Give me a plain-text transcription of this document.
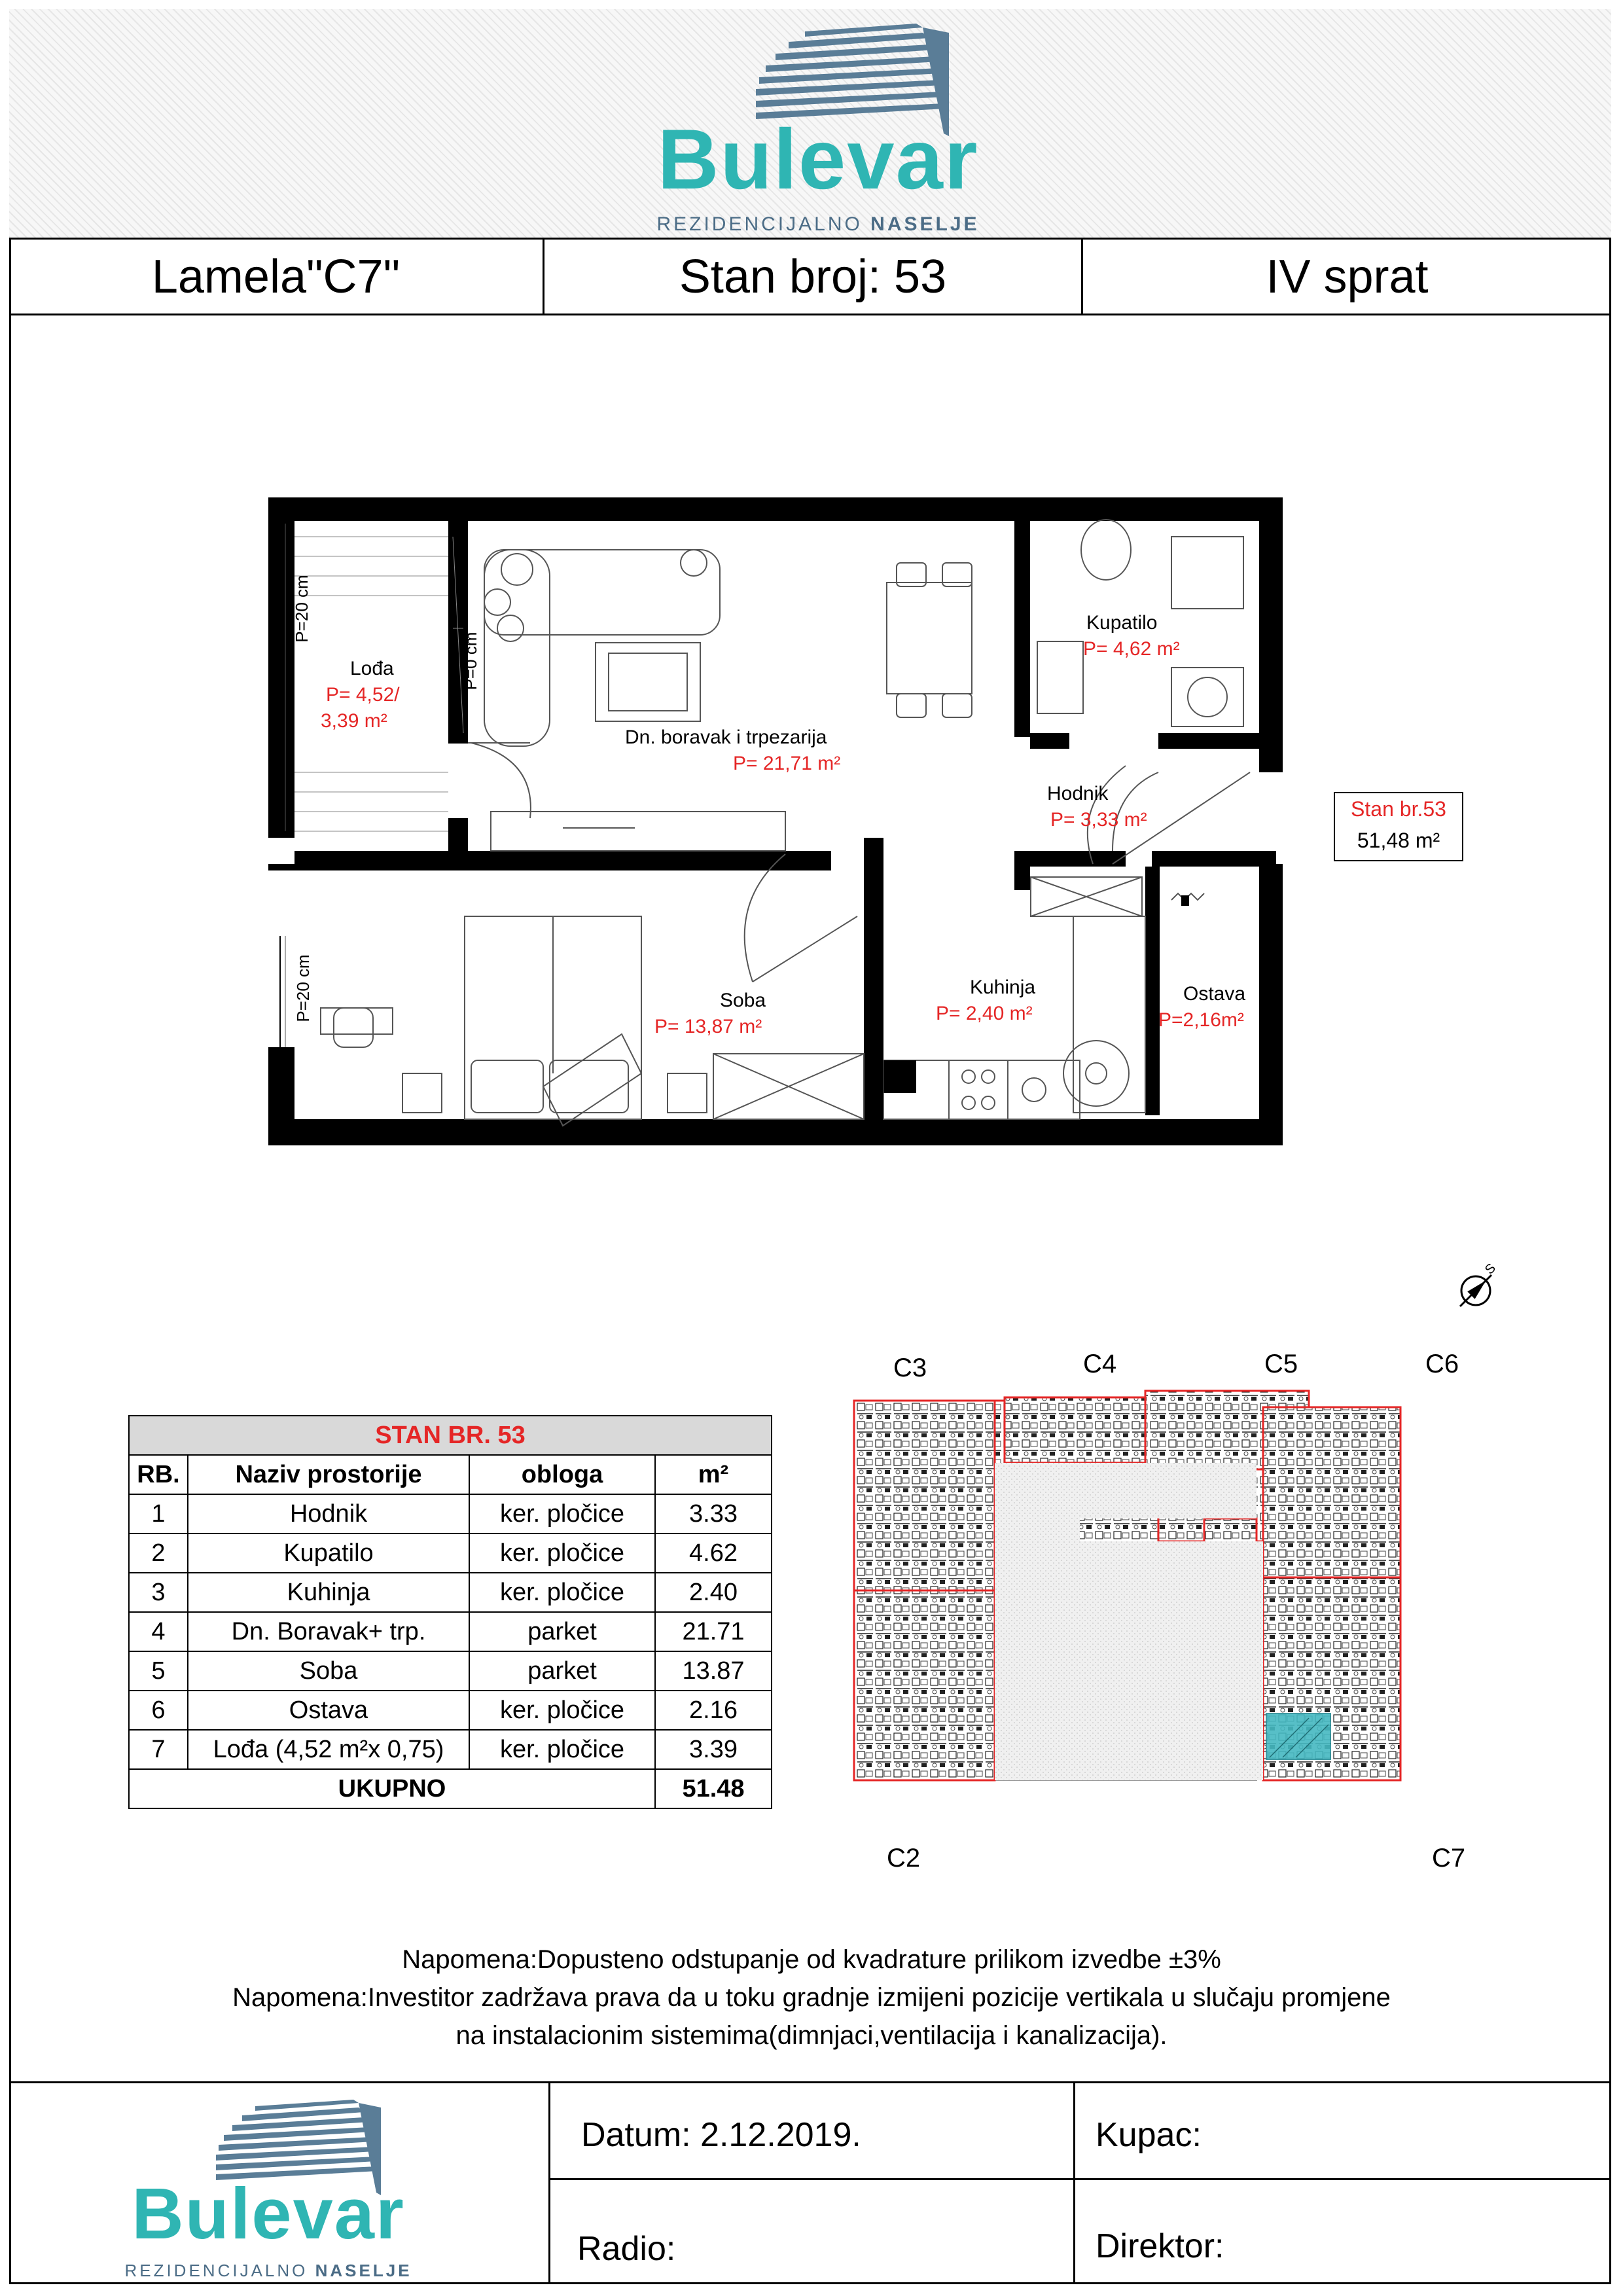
Bulevar
REZIDENCIJALNO NASELJE
Lamela"C7"	Stan broj: 53	IV sprat
P=20 cm
P=0 cm
P=20 cm
Lođa
P= 4,52/
3,39 m²
Dn. boravak i trpezarija
P= 21,71 m²
Kupatilo
P= 4,62 m²
Hodnik
P= 3,33 m²
Soba
P= 13,87 m²
Kuhinja
P= 2,40 m²
Ostava
P=2,16m²
Stan br.53
51,48 m²
STAN BR. 53			
RB.	Naziv prostorije	obloga	m²
1	Hodnik	ker. pločice	3.33
2	Kupatilo	ker. pločice	4.62
3	Kuhinja	ker. pločice	2.40
4	Dn. Boravak+ trp.	parket	21.71
5	Soba	parket	13.87
6	Ostava	ker. pločice	2.16
7	Lođa (4,52 m²x 0,75)	ker. pločice	3.39
UKUPNO			51.48
S
C3	C4	C5	C6
C2	C7
Napomena:Dopusteno odstupanje od kvadrature prilikom izvedbe ±3%
Napomena:Investitor zadržava prava da u toku gradnje izmijeni pozicije vertikala u slučaju promjene
na instalacionim sistemima(dimnjaci,ventilacija i kanalizacija).
Bulevar
REZIDENCIJALNO NASELJE
Datum: 2.12.2019.
Radio:
Kupac:
Direktor:
